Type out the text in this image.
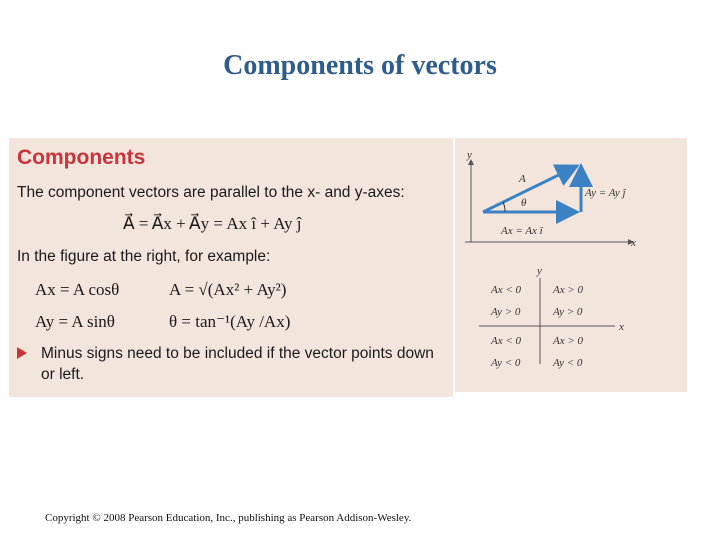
Components of vectors
Components
The component vectors are parallel to the x- and y-axes:
A⃗ = A⃗x + A⃗y = Ax î + Ay ĵ
In the figure at the right, for example:
Ax = A cosθ	A = √(Ax² + Ay²)
Ay = A sinθ	θ = tan⁻¹(Ay /Ax)
Minus signs need to be included if the vector points down or left.
y
x
A
θ
Ay = Ay ĵ
Ax = Ax î
y
x
Ax < 0
Ay > 0
Ax > 0
Ay > 0
Ax < 0
Ay < 0
Ax > 0
Ay < 0
Copyright © 2008 Pearson Education, Inc., publishing as Pearson Addison-Wesley.
